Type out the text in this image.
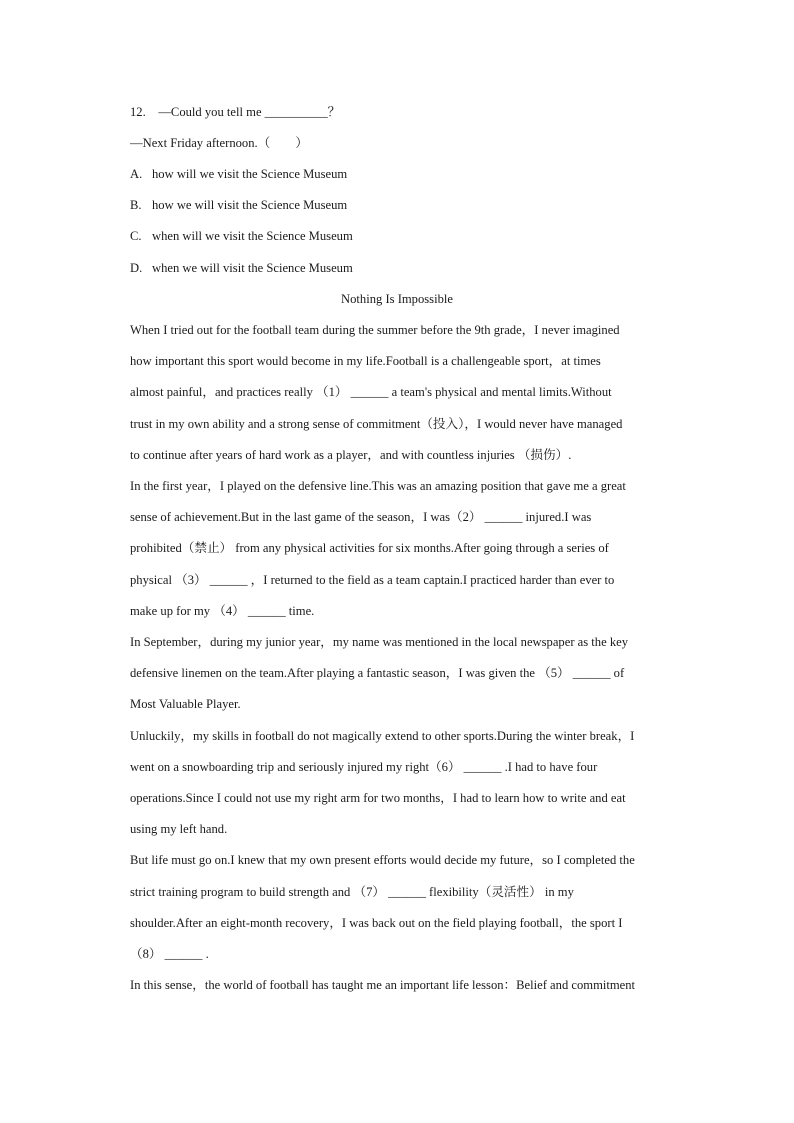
12.　—Could you tell me __________？
—Next Friday afternoon.（　　）
A. how will we visit the Science Museum
B. how we will visit the Science Museum
C. when will we visit the Science Museum
D. when we will visit the Science Museum
Nothing Is Impossible
When I tried out for the football team during the summer before the 9th grade，I never imagined
how important this sport would become in my life.Football is a challengeable sport，at times
almost painful，and practices really （1） ______ a team's physical and mental limits.Without
trust in my own ability and a strong sense of commitment（投入），I would never have managed
to continue after years of hard work as a player，and with countless injuries （损伤）.
In the first year，I played on the defensive line.This was an amazing position that gave me a great
sense of achievement.But in the last game of the season，I was（2） ______ injured.I was
prohibited（禁止） from any physical activities for six months.After going through a series of
physical （3） ______ ，I returned to the field as a team captain.I practiced harder than ever to
make up for my （4） ______ time.
In September，during my junior year，my name was mentioned in the local newspaper as the key
defensive linemen on the team.After playing a fantastic season，I was given the （5） ______ of
Most Valuable Player.
Unluckily，my skills in football do not magically extend to other sports.During the winter break，I
went on a snowboarding trip and seriously injured my right（6） ______ .I had to have four
operations.Since I could not use my right arm for two months，I had to learn how to write and eat
using my left hand.
But life must go on.I knew that my own present efforts would decide my future，so I completed the
strict training program to build strength and （7） ______ flexibility（灵活性） in my
shoulder.After an eight-month recovery，I was back out on the field playing football，the sport I
（8） ______ .
In this sense，the world of football has taught me an important life lesson：Belief and commitment
